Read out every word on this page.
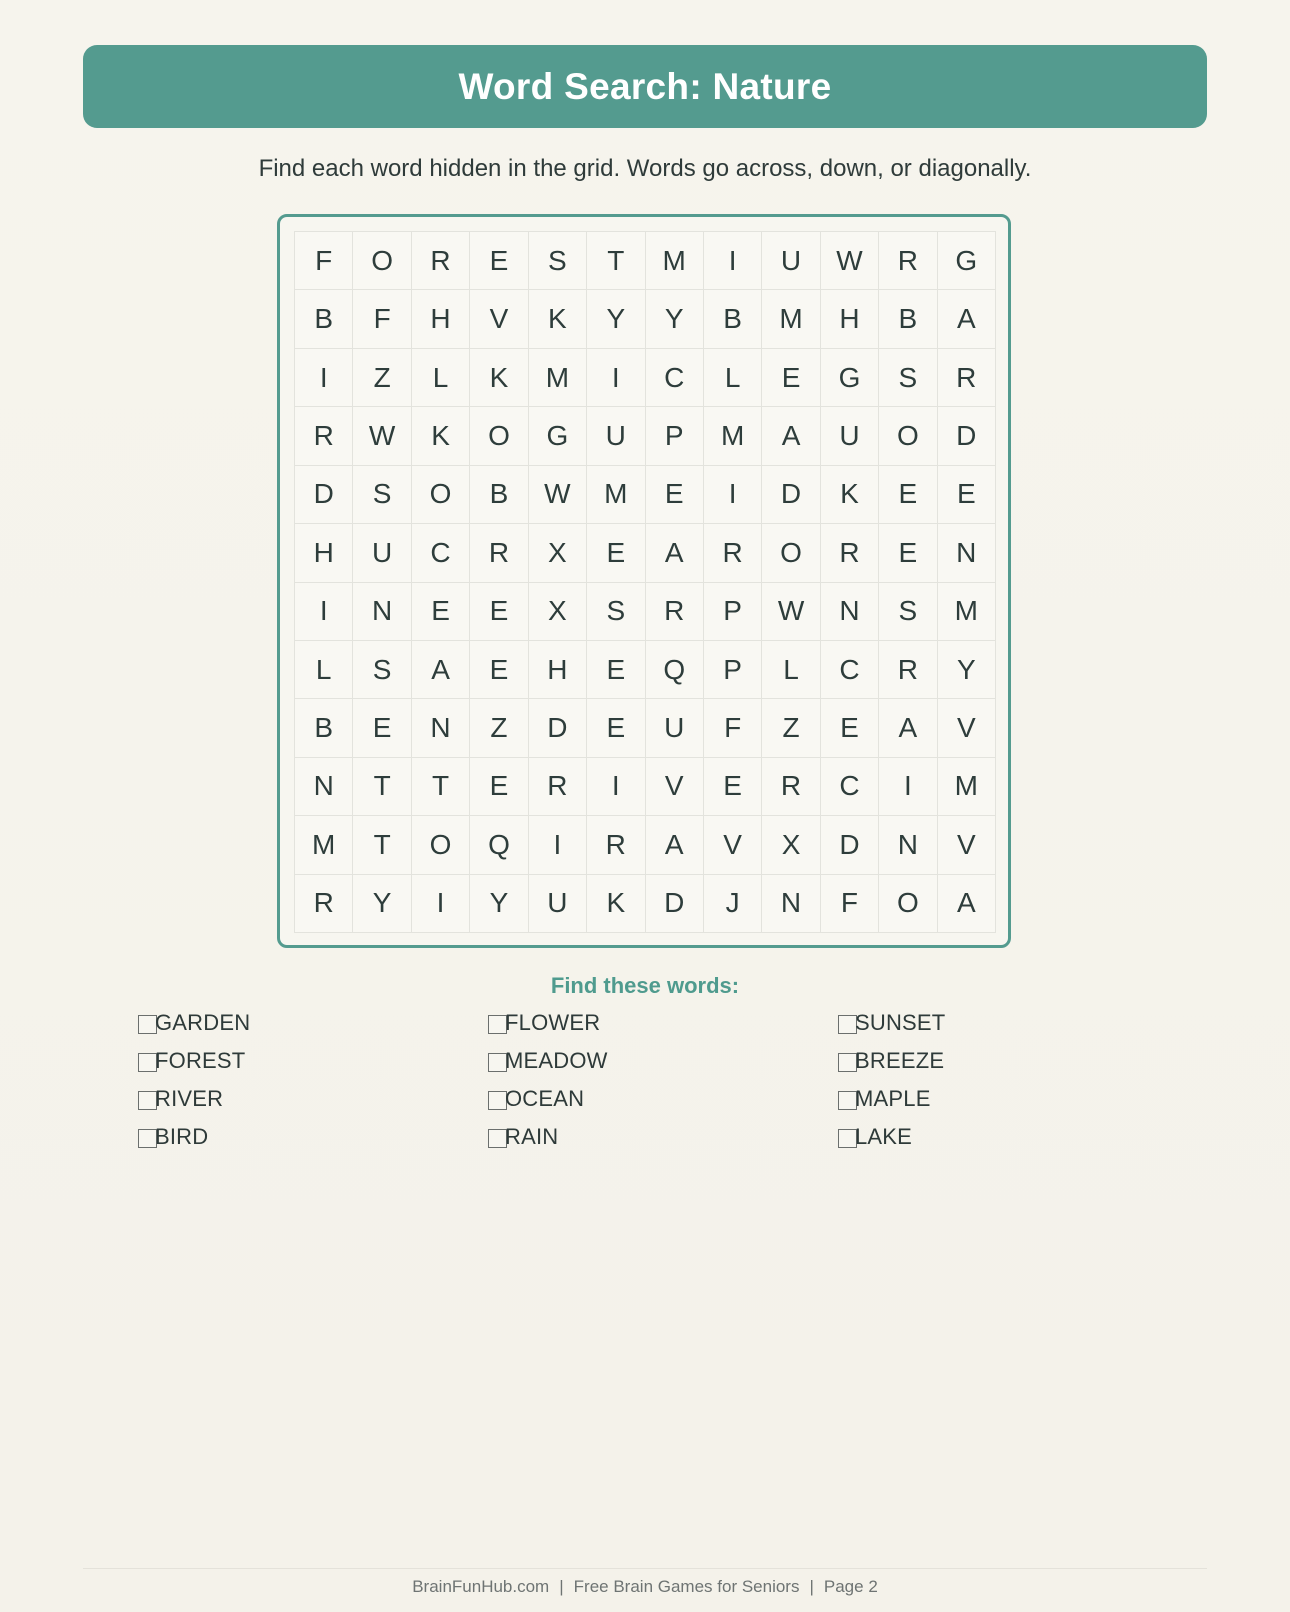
Word Search: Nature
Find each word hidden in the grid. Words go across, down, or diagonally.
F	O	R	E	S	T	M	I	U	W	R	G
B	F	H	V	K	Y	Y	B	M	H	B	A
I	Z	L	K	M	I	C	L	E	G	S	R
R	W	K	O	G	U	P	M	A	U	O	D
D	S	O	B	W	M	E	I	D	K	E	E
H	U	C	R	X	E	A	R	O	R	E	N
I	N	E	E	X	S	R	P	W	N	S	M
L	S	A	E	H	E	Q	P	L	C	R	Y
B	E	N	Z	D	E	U	F	Z	E	A	V
N	T	T	E	R	I	V	E	R	C	I	M
M	T	O	Q	I	R	A	V	X	D	N	V
R	Y	I	Y	U	K	D	J	N	F	O	A
Find these words:
GARDEN	FLOWER	SUNSET
FOREST	MEADOW	BREEZE
RIVER	OCEAN	MAPLE
BIRD	RAIN	LAKE
BrainFunHub.com | Free Brain Games for Seniors | Page 2
